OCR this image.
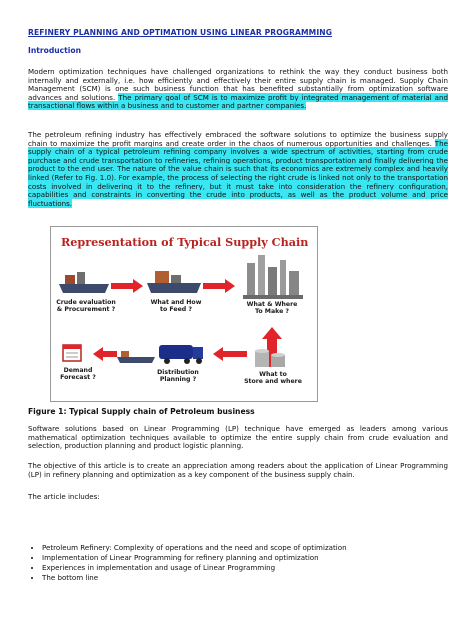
REFINERY PLANNING AND OPTIMATION USING LINEAR PROGRAMMING
Introduction
Modern optimization techniques have challenged organizations to rethink the way they conduct business both internally and externally, i.e. how efficiently and effectively their entire supply chain is managed. Supply Chain Management (SCM) is one such business function that has benefited substantially from optimization software advances and solutions. The primary goal of SCM is to maximize profit by integrated management of material and transactional flows within a business and to customer and partner companies.
The petroleum refining industry has effectively embraced the software solutions to optimize the business supply chain to maximize the profit margins and create order in the chaos of numerous opportunities and challenges. The supply chain of a typical petroleum refining company involves a wide spectrum of activities, starting from crude purchase and crude transportation to refineries, refining operations, product transportation and finally delivering the product to the end user. The nature of the value chain is such that its economics are extremely complex and heavily linked (Refer to Fig. 1.0). For example, the process of selecting the right crude is linked not only to the transportation costs involved in delivering it to the refinery, but it must take into consideration the refinery configuration, capabilities and constraints in converting the crude into products, as well as the product volume and price fluctuations.
Representation of Typical Supply Chain
Crude evaluation
& Procurement ?
What and How
to Feed ?
What & Where
To Make ?
Demand
Forecast ?
Distribution
Planning ?
What to
Store and where
Figure 1: Typical Supply chain of Petroleum business
Software solutions based on Linear Programming (LP) technique have emerged as leaders among various mathematical optimization techniques available to optimize the entire supply chain from crude evaluation and selection, production planning and product logistic planning.
The objective of this article is to create an appreciation among readers about the application of Linear Programming (LP) in refinery planning and optimization as a key component of the business supply chain.
The article includes:
• Petroleum Refinery: Complexity of operations and the need and scope of optimization
• Implementation of Linear Programming for refinery planning and optimization
• Experiences in implementation and usage of Linear Programming
• The bottom line
